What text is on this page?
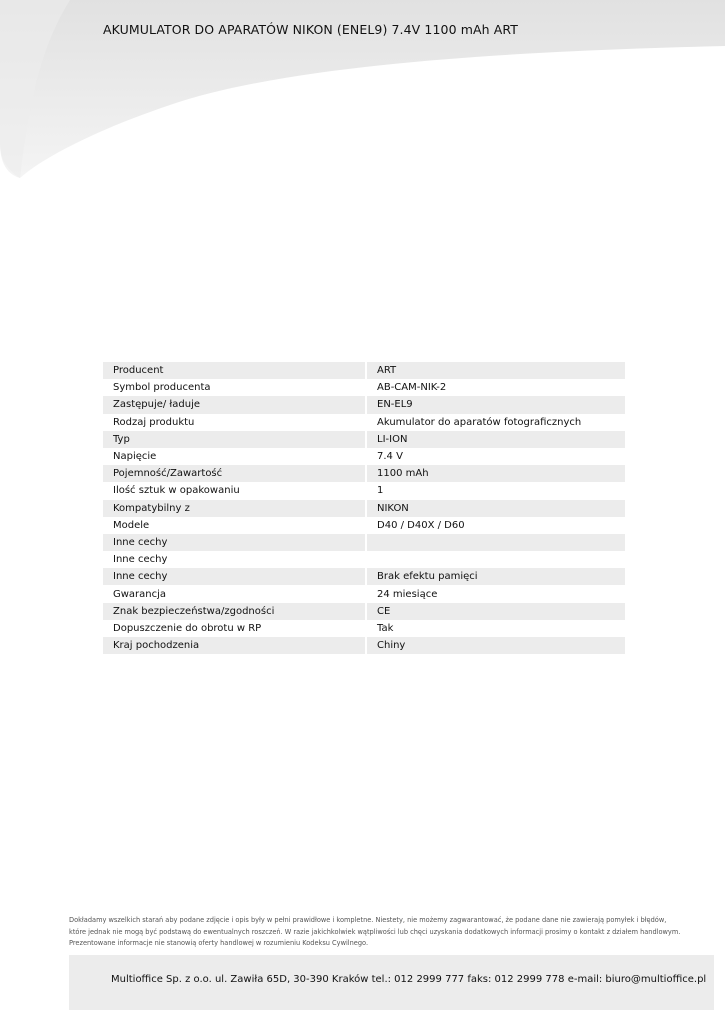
AKUMULATOR DO APARATÓW NIKON (ENEL9) 7.4V 1100 mAh ART
Producent	ART
Symbol producenta	AB-CAM-NIK-2
Zastępuje/ ładuje	EN-EL9
Rodzaj produktu	Akumulator do aparatów fotograficznych
Typ	LI-ION
Napięcie	7.4 V
Pojemność/Zawartość	1100 mAh
Ilość sztuk w opakowaniu	1
Kompatybilny z	NIKON
Modele	D40 / D40X / D60
Inne cechy	
Inne cechy	
Inne cechy	Brak efektu pamięci
Gwarancja	24 miesiące
Znak bezpieczeństwa/zgodności	CE
Dopuszczenie do obrotu w RP	Tak
Kraj pochodzenia	Chiny
Dokładamy wszelkich starań aby podane zdjęcie i opis były w pełni prawidłowe i kompletne. Niestety, nie możemy zagwarantować, że podane dane nie zawierają pomyłek i błędów,
które jednak nie mogą być podstawą do ewentualnych roszczeń. W razie jakichkolwiek wątpliwości lub chęci uzyskania dodatkowych informacji prosimy o kontakt z działem handlowym.
Prezentowane informacje nie stanowią oferty handlowej w rozumieniu Kodeksu Cywilnego.
Multioffice Sp. z o.o. ul. Zawiła 65D, 30-390 Kraków tel.: 012 2999 777 faks: 012 2999 778 e-mail: biuro@multioffice.pl
